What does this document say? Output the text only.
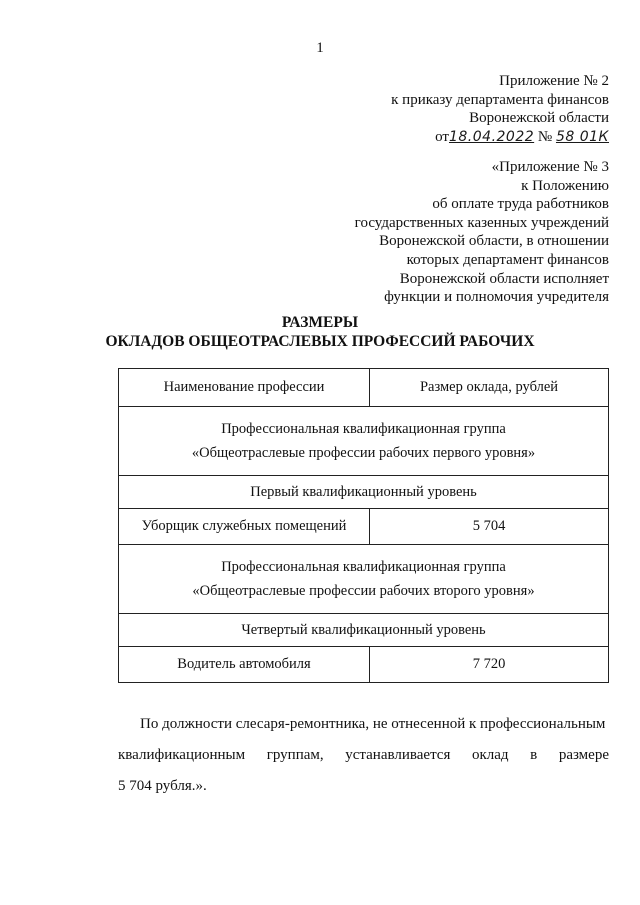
1
Приложение № 2
к приказу департамента финансов
Воронежской области
от18.04.2022 № 58 01К
«Приложение № 3
к Положению
об оплате труда работников
государственных казенных учреждений
Воронежской области, в отношении
которых департамент финансов
Воронежской области исполняет
функции и полномочия учредителя
РАЗМЕРЫ
ОКЛАДОВ ОБЩЕОТРАСЛЕВЫХ ПРОФЕССИЙ РАБОЧИХ
Наименование профессии	Размер оклада, рублей

Профессиональная квалификационная группа
«Общеотраслевые профессии рабочих первого уровня»	

Первый квалификационный уровень	
Уборщик служебных помещений	5 704

Профессиональная квалификационная группа
«Общеотраслевые профессии рабочих второго уровня»	

Четвертый квалификационный уровень	
Водитель автомобиля	7 720
По должности слесаря-ремонтника, не отнесенной к профессиональным
квалификационным группам, устанавливается оклад в размере
5 704 рубля.».
